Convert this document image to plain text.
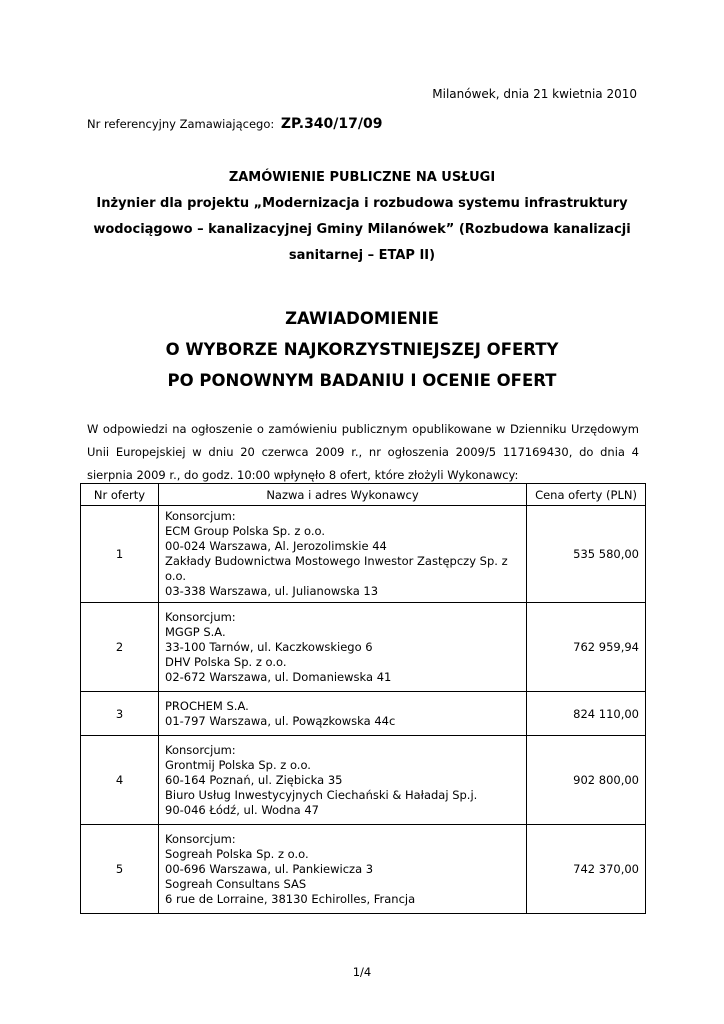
Milanówek, dnia 21 kwietnia 2010
Nr referencyjny Zamawiającego: ZP.340/17/09
ZAMÓWIENIE PUBLICZNE NA USŁUGI
Inżynier dla projektu „Modernizacja i rozbudowa systemu infrastruktury
wodociągowo – kanalizacyjnej Gminy Milanówek” (Rozbudowa kanalizacji
sanitarnej – ETAP II)
ZAWIADOMIENIE
O WYBORZE NAJKORZYSTNIEJSZEJ OFERTY
PO PONOWNYM BADANIU I OCENIE OFERT
W odpowiedzi na ogłoszenie o zamówieniu publicznym opublikowane w Dzienniku Urzędowym Unii Europejskiej w dniu 20 czerwca 2009 r., nr ogłoszenia 2009/5 117169430, do dnia 4 sierpnia 2009 r., do godz. 10:00 wpłynęło 8 ofert, które złożyli Wykonawcy:
Nr oferty	Nazwa i adres Wykonawcy	Cena oferty (PLN)
1	Konsorcjum:
ECM Group Polska Sp. z o.o.
00-024 Warszawa, Al. Jerozolimskie 44
Zakłady Budownictwa Mostowego Inwestor Zastępczy Sp. z o.o.
03-338 Warszawa, ul. Julianowska 13	535 580,00
2	Konsorcjum:
MGGP S.A.
33-100 Tarnów, ul. Kaczkowskiego 6
DHV Polska Sp. z o.o.
02-672 Warszawa, ul. Domaniewska 41	762 959,94
3	PROCHEM S.A.
01-797 Warszawa, ul. Powązkowska 44c	824 110,00
4	Konsorcjum:
Grontmij Polska Sp. z o.o.
60-164 Poznań, ul. Ziębicka 35
Biuro Usług Inwestycyjnych Ciechański & Haładaj Sp.j.
90-046 Łódź, ul. Wodna 47	902 800,00
5	Konsorcjum:
Sogreah Polska Sp. z o.o.
00-696 Warszawa, ul. Pankiewicza 3
Sogreah Consultans SAS
6 rue de Lorraine, 38130 Echirolles, Francja	742 370,00
1/4
